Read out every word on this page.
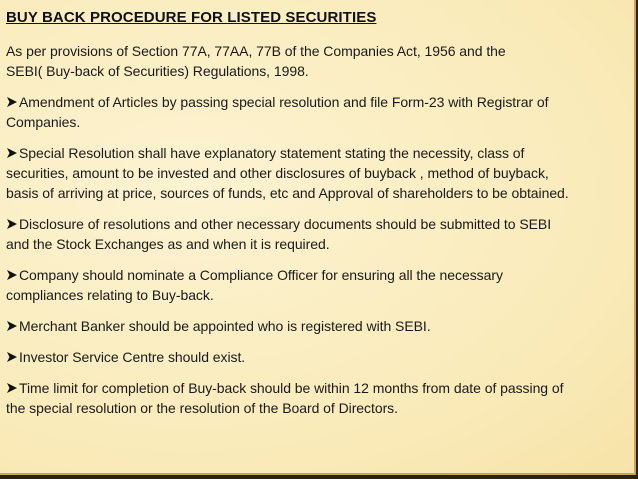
BUY BACK PROCEDURE FOR LISTED SECURITIES
As per provisions of Section 77A, 77AA, 77B of the Companies Act, 1956 and the
SEBI( Buy-back of Securities) Regulations, 1998.
Amendment of Articles by passing special resolution and file Form-23 with Registrar of
Companies.
Special Resolution shall have explanatory statement stating the necessity, class of
securities, amount to be invested and other disclosures of buyback , method of buyback,
basis of arriving at price, sources of funds, etc and Approval of shareholders to be obtained.
Disclosure of resolutions and other necessary documents should be submitted to SEBI
and the Stock Exchanges as and when it is required.
Company should nominate a Compliance Officer for ensuring all the necessary
compliances relating to Buy-back.
Merchant Banker should be appointed who is registered with SEBI.
Investor Service Centre should exist.
Time limit for completion of Buy-back should be within 12 months from date of passing of
the special resolution or the resolution of the Board of Directors.
